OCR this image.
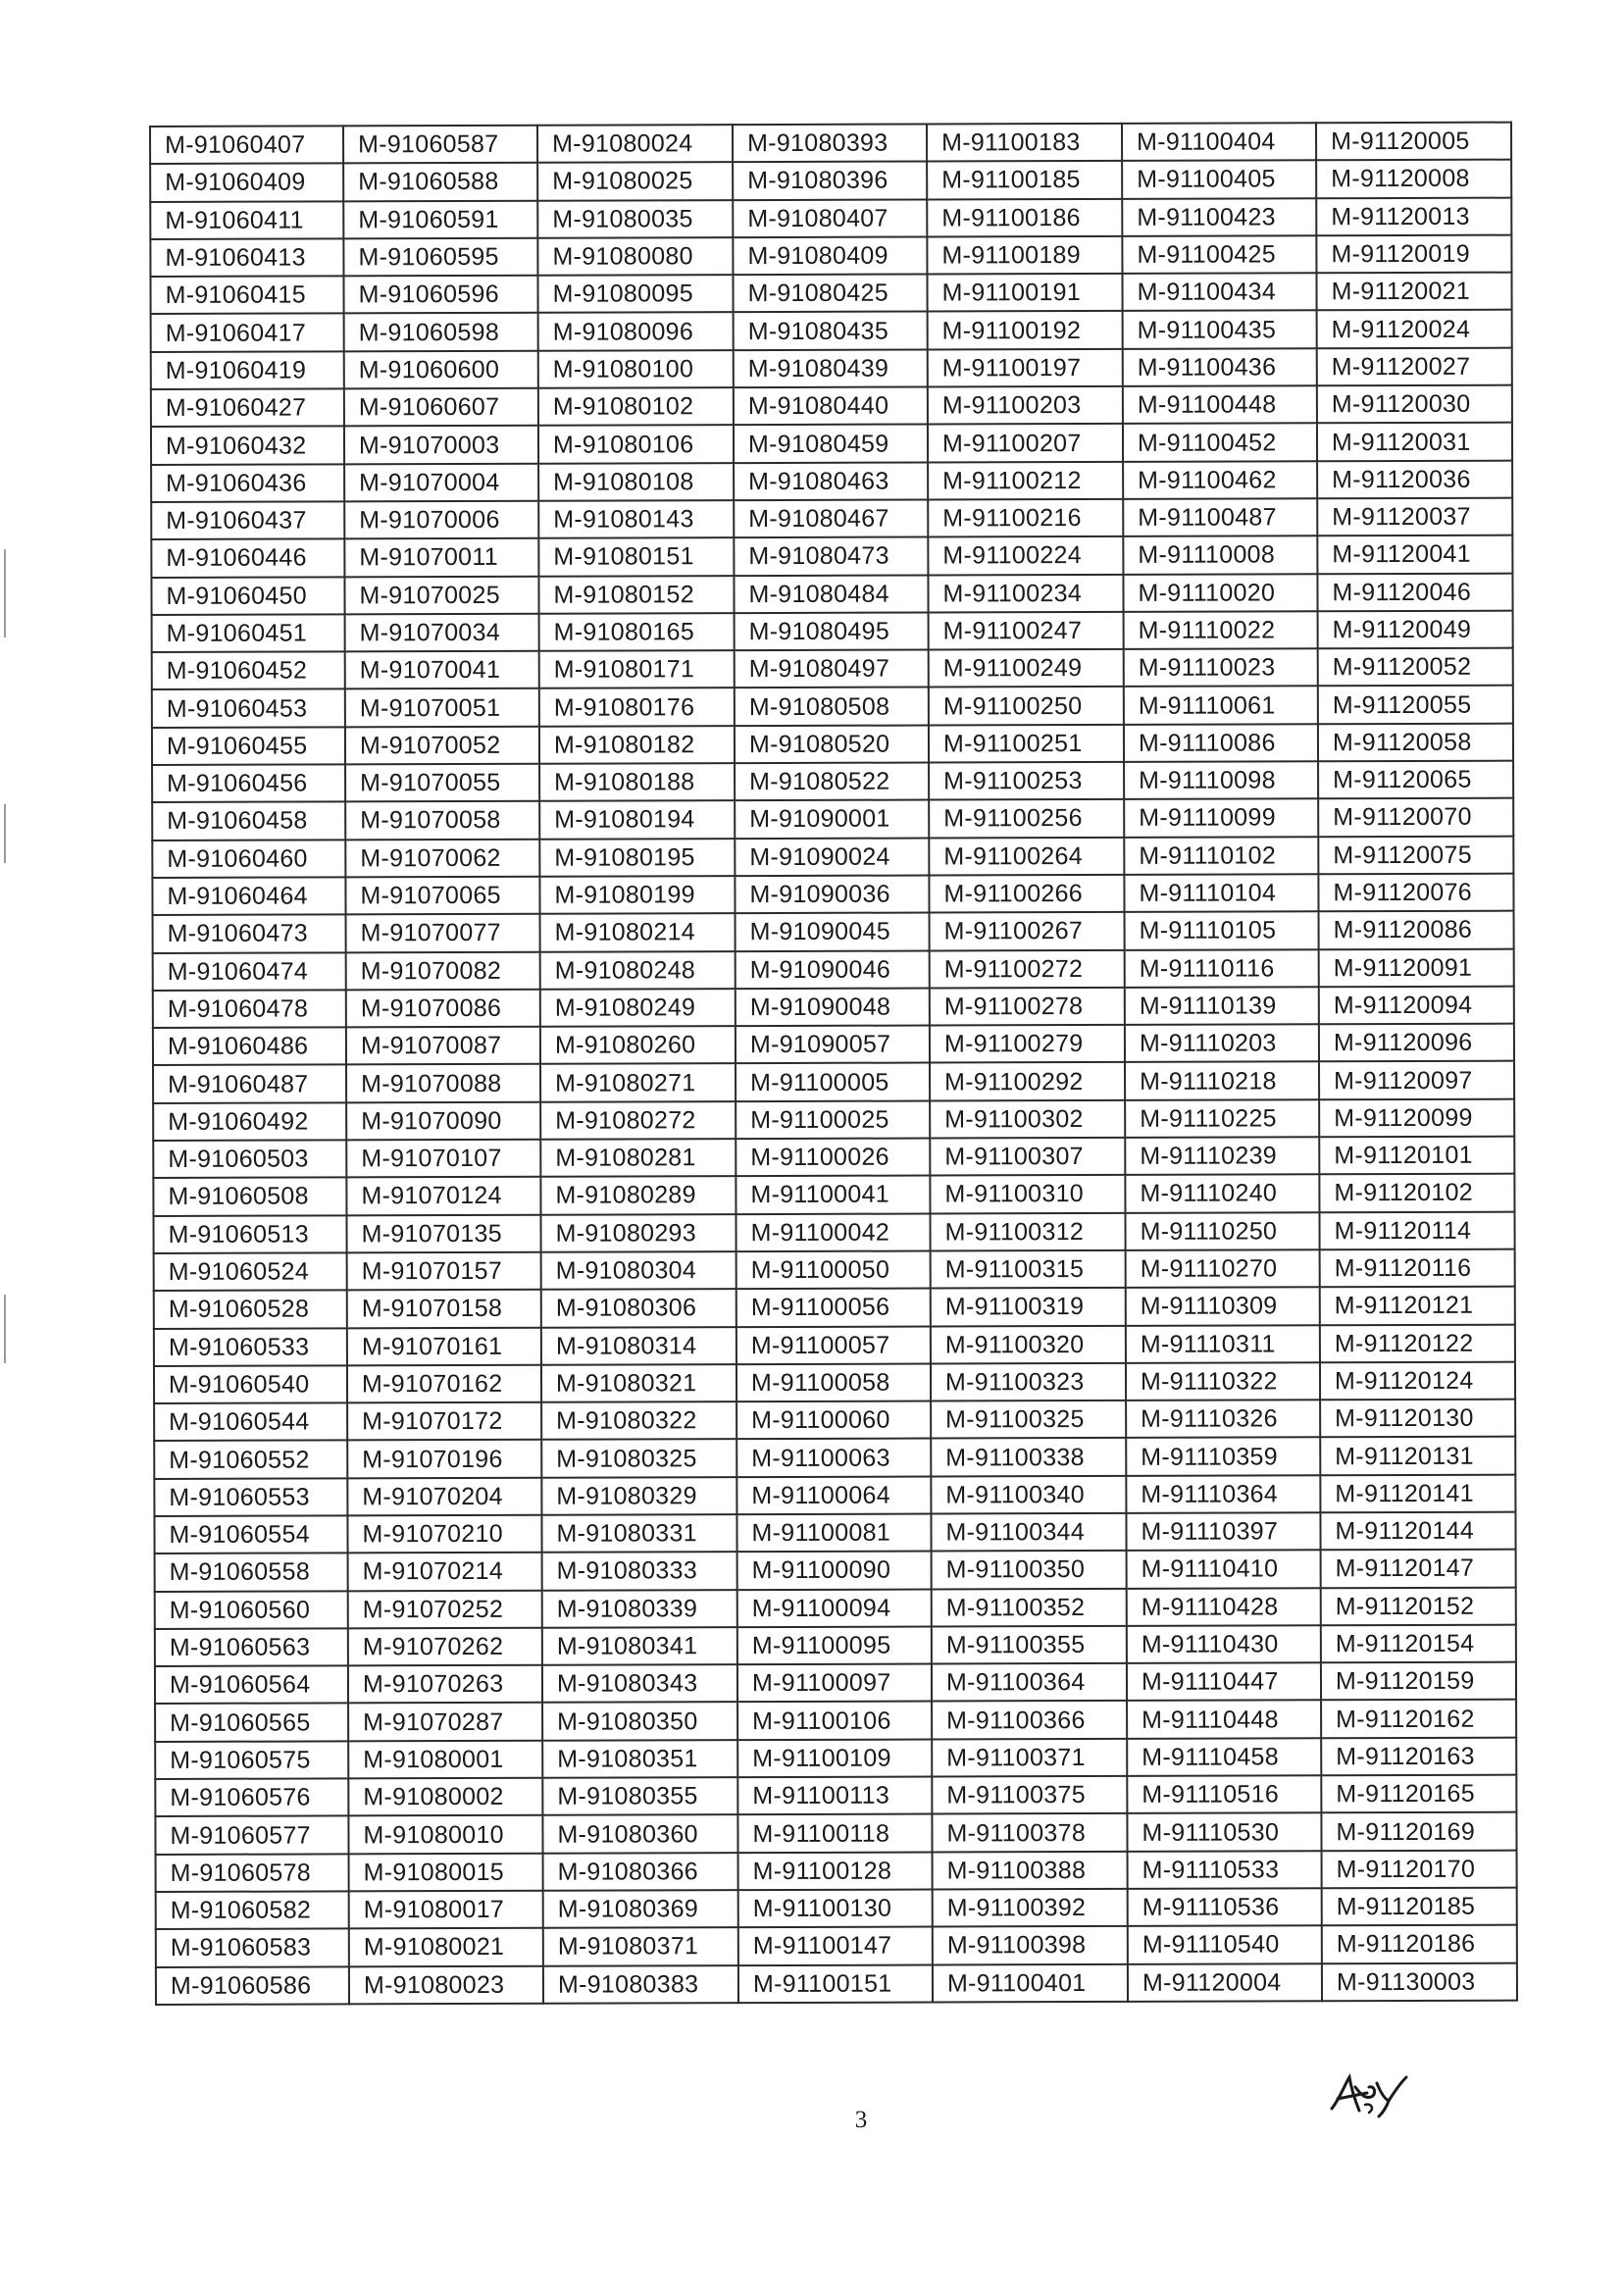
M-91060407	M-91060587	M-91080024	M-91080393	M-91100183	M-91100404	M-91120005
M-91060409	M-91060588	M-91080025	M-91080396	M-91100185	M-91100405	M-91120008
M-91060411	M-91060591	M-91080035	M-91080407	M-91100186	M-91100423	M-91120013
M-91060413	M-91060595	M-91080080	M-91080409	M-91100189	M-91100425	M-91120019
M-91060415	M-91060596	M-91080095	M-91080425	M-91100191	M-91100434	M-91120021
M-91060417	M-91060598	M-91080096	M-91080435	M-91100192	M-91100435	M-91120024
M-91060419	M-91060600	M-91080100	M-91080439	M-91100197	M-91100436	M-91120027
M-91060427	M-91060607	M-91080102	M-91080440	M-91100203	M-91100448	M-91120030
M-91060432	M-91070003	M-91080106	M-91080459	M-91100207	M-91100452	M-91120031
M-91060436	M-91070004	M-91080108	M-91080463	M-91100212	M-91100462	M-91120036
M-91060437	M-91070006	M-91080143	M-91080467	M-91100216	M-91100487	M-91120037
M-91060446	M-91070011	M-91080151	M-91080473	M-91100224	M-91110008	M-91120041
M-91060450	M-91070025	M-91080152	M-91080484	M-91100234	M-91110020	M-91120046
M-91060451	M-91070034	M-91080165	M-91080495	M-91100247	M-91110022	M-91120049
M-91060452	M-91070041	M-91080171	M-91080497	M-91100249	M-91110023	M-91120052
M-91060453	M-91070051	M-91080176	M-91080508	M-91100250	M-91110061	M-91120055
M-91060455	M-91070052	M-91080182	M-91080520	M-91100251	M-91110086	M-91120058
M-91060456	M-91070055	M-91080188	M-91080522	M-91100253	M-91110098	M-91120065
M-91060458	M-91070058	M-91080194	M-91090001	M-91100256	M-91110099	M-91120070
M-91060460	M-91070062	M-91080195	M-91090024	M-91100264	M-91110102	M-91120075
M-91060464	M-91070065	M-91080199	M-91090036	M-91100266	M-91110104	M-91120076
M-91060473	M-91070077	M-91080214	M-91090045	M-91100267	M-91110105	M-91120086
M-91060474	M-91070082	M-91080248	M-91090046	M-91100272	M-91110116	M-91120091
M-91060478	M-91070086	M-91080249	M-91090048	M-91100278	M-91110139	M-91120094
M-91060486	M-91070087	M-91080260	M-91090057	M-91100279	M-91110203	M-91120096
M-91060487	M-91070088	M-91080271	M-91100005	M-91100292	M-91110218	M-91120097
M-91060492	M-91070090	M-91080272	M-91100025	M-91100302	M-91110225	M-91120099
M-91060503	M-91070107	M-91080281	M-91100026	M-91100307	M-91110239	M-91120101
M-91060508	M-91070124	M-91080289	M-91100041	M-91100310	M-91110240	M-91120102
M-91060513	M-91070135	M-91080293	M-91100042	M-91100312	M-91110250	M-91120114
M-91060524	M-91070157	M-91080304	M-91100050	M-91100315	M-91110270	M-91120116
M-91060528	M-91070158	M-91080306	M-91100056	M-91100319	M-91110309	M-91120121
M-91060533	M-91070161	M-91080314	M-91100057	M-91100320	M-91110311	M-91120122
M-91060540	M-91070162	M-91080321	M-91100058	M-91100323	M-91110322	M-91120124
M-91060544	M-91070172	M-91080322	M-91100060	M-91100325	M-91110326	M-91120130
M-91060552	M-91070196	M-91080325	M-91100063	M-91100338	M-91110359	M-91120131
M-91060553	M-91070204	M-91080329	M-91100064	M-91100340	M-91110364	M-91120141
M-91060554	M-91070210	M-91080331	M-91100081	M-91100344	M-91110397	M-91120144
M-91060558	M-91070214	M-91080333	M-91100090	M-91100350	M-91110410	M-91120147
M-91060560	M-91070252	M-91080339	M-91100094	M-91100352	M-91110428	M-91120152
M-91060563	M-91070262	M-91080341	M-91100095	M-91100355	M-91110430	M-91120154
M-91060564	M-91070263	M-91080343	M-91100097	M-91100364	M-91110447	M-91120159
M-91060565	M-91070287	M-91080350	M-91100106	M-91100366	M-91110448	M-91120162
M-91060575	M-91080001	M-91080351	M-91100109	M-91100371	M-91110458	M-91120163
M-91060576	M-91080002	M-91080355	M-91100113	M-91100375	M-91110516	M-91120165
M-91060577	M-91080010	M-91080360	M-91100118	M-91100378	M-91110530	M-91120169
M-91060578	M-91080015	M-91080366	M-91100128	M-91100388	M-91110533	M-91120170
M-91060582	M-91080017	M-91080369	M-91100130	M-91100392	M-91110536	M-91120185
M-91060583	M-91080021	M-91080371	M-91100147	M-91100398	M-91110540	M-91120186
M-91060586	M-91080023	M-91080383	M-91100151	M-91100401	M-91120004	M-91130003
3
